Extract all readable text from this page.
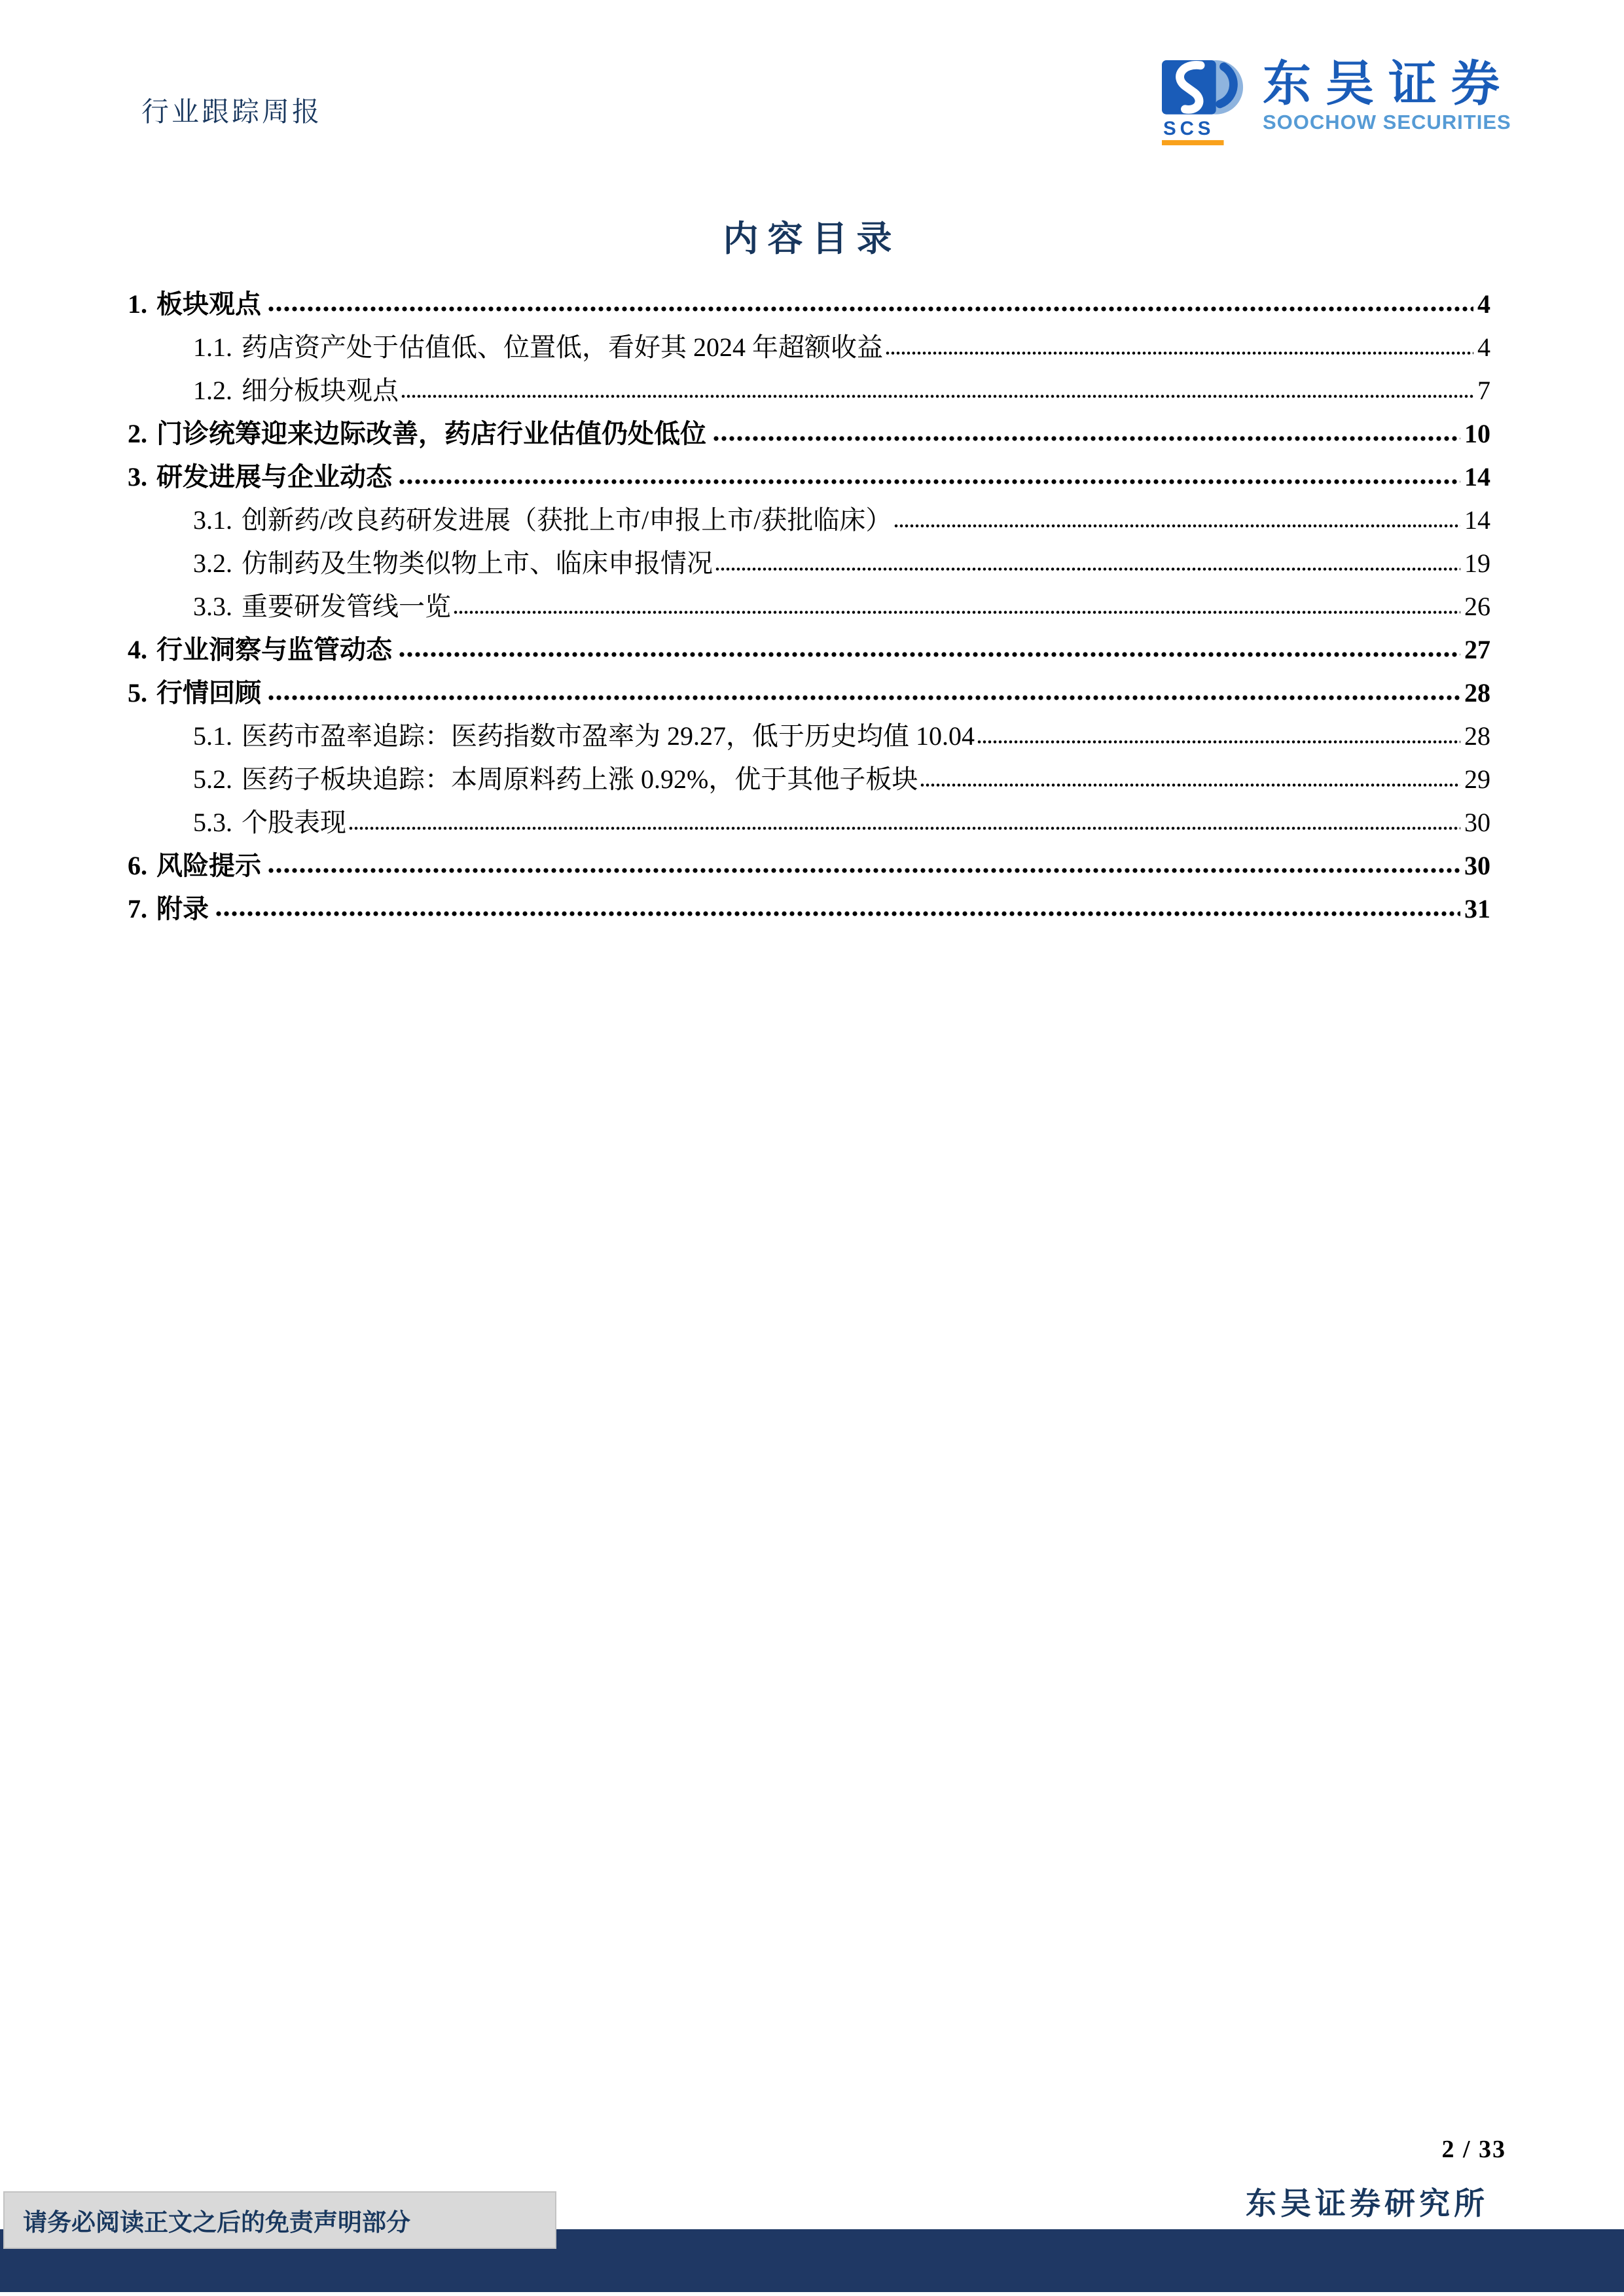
行业跟踪周报
SCS
东吴证券
SOOCHOW SECURITIES
内容目录
1. 板块观点	4
1.1. 药店资产处于估值低、位置低，看好其 2024 年超额收益	4
1.2. 细分板块观点	7
2. 门诊统筹迎来边际改善，药店行业估值仍处低位	10
3. 研发进展与企业动态	14
3.1. 创新药/改良药研发进展（获批上市/申报上市/获批临床）	14
3.2. 仿制药及生物类似物上市、临床申报情况	19
3.3. 重要研发管线一览	26
4. 行业洞察与监管动态	27
5. 行情回顾	28
5.1. 医药市盈率追踪：医药指数市盈率为 29.27，低于历史均值 10.04	28
5.2. 医药子板块追踪：本周原料药上涨 0.92%，优于其他子板块	29
5.3. 个股表现	30
6. 风险提示	30
7. 附录	31
2 / 33
东吴证券研究所
请务必阅读正文之后的免责声明部分
